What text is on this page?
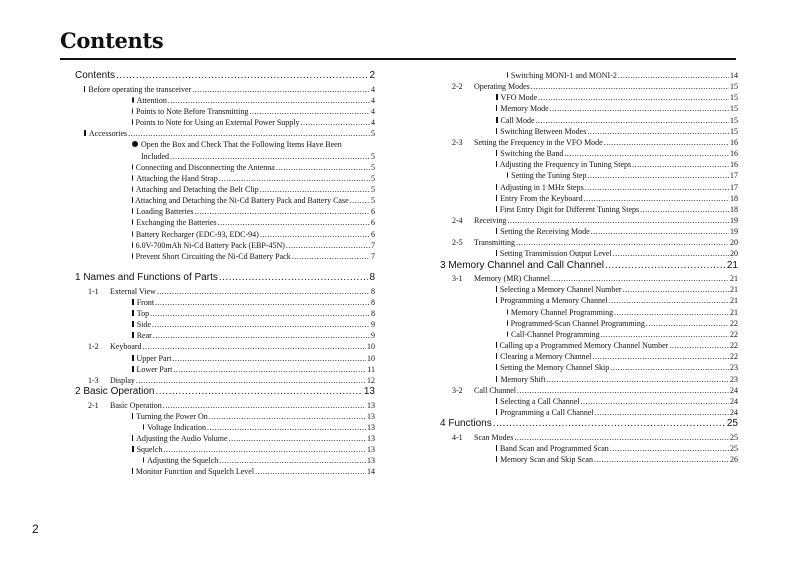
Contents
Contents .....	2
Before operating the transceiver .....	4
Attention .....	4
Points to Note Before Transmitting .....	4
Points to Note for Using an External Power Supply .....	4
Accessories .....	5
Open the Box and Check That the Following Items Have Been
Included .....	5
Connecting and Disconnecting the Antenna .....	5
Attaching the Hand Strap .....	5
Attaching and Detaching the Belt Clip .....	5
Attaching and Detaching the Ni-Cd Battery Pack and Battery Case .....	5
Loading Batteries .....	6
Exchanging the Batteries .....	6
Battery Recharger (EDC-93, EDC-94) .....	6
6.0V-700mAh Ni-Cd Battery Pack (EBP-45N) .....	7
Prevent Short Circuiting the Ni-Cd Battery Pack .....	7
1 Names and Functions of Parts .....	8
1-1	External View .....	8
Front .....	8
Top .....	8
Side .....	9
Rear .....	9
1-2	Keyboard .....	10
Upper Part .....	10
Lower Part .....	11
1-3	Display .....	12
2 Basic Operation .....	13
2-1	Basic Operation .....	13
Turning the Power On .....	13
Voltage Indication .....	13
Adjusting the Audio Volume .....	13
Squelch .....	13
Adjusting the Squelch .....	13
Monitor Function and Squelch Level .....	14
Switching MONI-1 and MONI-2 .....	14
2-2	Operating Modes .....	15
VFO Mode .....	15
Memory Mode .....	15
Call Mode .....	15
Switching Between Modes .....	15
2-3	Setting the Frequency in the VFO Mode .....	16
Switching the Band .....	16
Adjusting the Frequency in Tuning Steps .....	16
Setting the Tuning Step .....	17
Adjusting in 1 MHz Steps .....	17
Entry From the Keyboard .....	18
First Entry Digit for Different Tuning Steps .....	18
2-4	Receiving .....	19
Setting the Receiving Mode .....	19
2-5	Transmitting .....	20
Setting Transmission Output Level .....	20
3 Memory Channel and Call Channel .....	21
3-1	Memory (MR) Channel .....	21
Selecting a Memory Channel Number .....	21
Programming a Memory Channel .....	21
Memory Channel Programming .....	21
Programmed-Scan Channel Programming .....	22
Call-Channel Programming .....	22
Calling up a Programmed Memory Channel Number .....	22
Clearing a Memory Channel .....	22
Setting the Memory Channel Skip .....	23
Memory Shift .....	23
3-2	Call Channel .....	24
Selecting a Call Channel .....	24
Programming a Call Channel .....	24
4 Functions .....	25
4-1	Scan Modes .....	25
Band Scan and Programmed Scan .....	25
Memory Scan and Skip Scan .....	26
2
